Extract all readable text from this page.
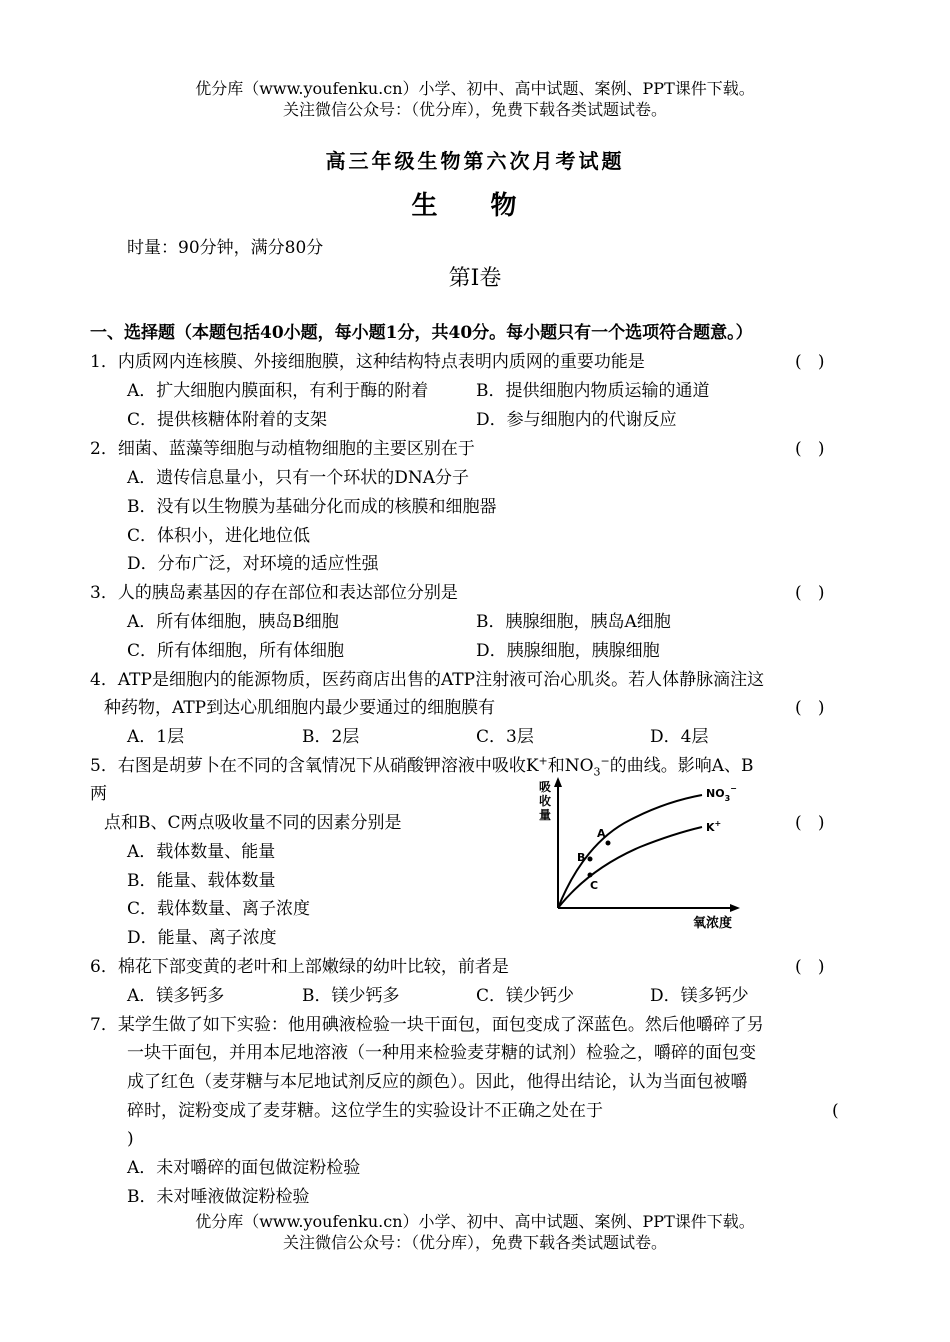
优分库（www.youfenku.cn）小学、初中、高中试题、案例、PPT课件下载。
关注微信公众号：（优分库），免费下载各类试题试卷。
高三年级生物第六次月考试题
生 物
时量：90分钟，满分80分
第Ⅰ卷
一、选择题（本题包括40小题，每小题1分，共40分。每小题只有一个选项符合题意。）
1．内质网内连核膜、外接细胞膜，这种结构特点表明内质网的重要功能是	(   )
A．扩大细胞内膜面积，有利于酶的附着	B．提供细胞内物质运输的通道
C．提供核糖体附着的支架	D．参与细胞内的代谢反应
2．细菌、蓝藻等细胞与动植物细胞的主要区别在于	(   )
A．遗传信息量小，只有一个环状的DNA分子
B．没有以生物膜为基础分化而成的核膜和细胞器
C．体积小，进化地位低
D．分布广泛，对环境的适应性强
3．人的胰岛素基因的存在部位和表达部位分别是	(   )
A．所有体细胞，胰岛B细胞	B．胰腺细胞，胰岛A细胞
C．所有体细胞，所有体细胞	D．胰腺细胞，胰腺细胞
4．ATP是细胞内的能源物质，医药商店出售的ATP注射液可治心肌炎。若人体静脉滴注这
种药物，ATP到达心肌细胞内最少要通过的细胞膜有	(   )
A．1层	B．2层	C．3层	D．4层
5．右图是胡萝卜在不同的含氧情况下从硝酸钾溶液中吸收K+和$NO_3^-$的曲线。影响A、B
两
点和B、C两点吸收量不同的因素分别是	(   )
A．载体数量、能量
B．能量、载体数量
C．载体数量、离子浓度
D．能量、离子浓度
吸
收
量
氧浓度
$NO_3^-$
K+
A
B
C
6．棉花下部变黄的老叶和上部嫩绿的幼叶比较，前者是	(   )
A．镁多钙多	B．镁少钙多	C．镁少钙少	D．镁多钙少
7．某学生做了如下实验：他用碘液检验一块干面包，面包变成了深蓝色。然后他嚼碎了另
一块干面包，并用本尼地溶液（一种用来检验麦芽糖的试剂）检验之，嚼碎的面包变
成了红色（麦芽糖与本尼地试剂反应的颜色）。因此，他得出结论，认为当面包被嚼
碎时，淀粉变成了麦芽糖。这位学生的实验设计不正确之处在于	(
)
A．未对嚼碎的面包做淀粉检验
B．未对唾液做淀粉检验
优分库（www.youfenku.cn）小学、初中、高中试题、案例、PPT课件下载。
关注微信公众号：（优分库），免费下载各类试题试卷。
